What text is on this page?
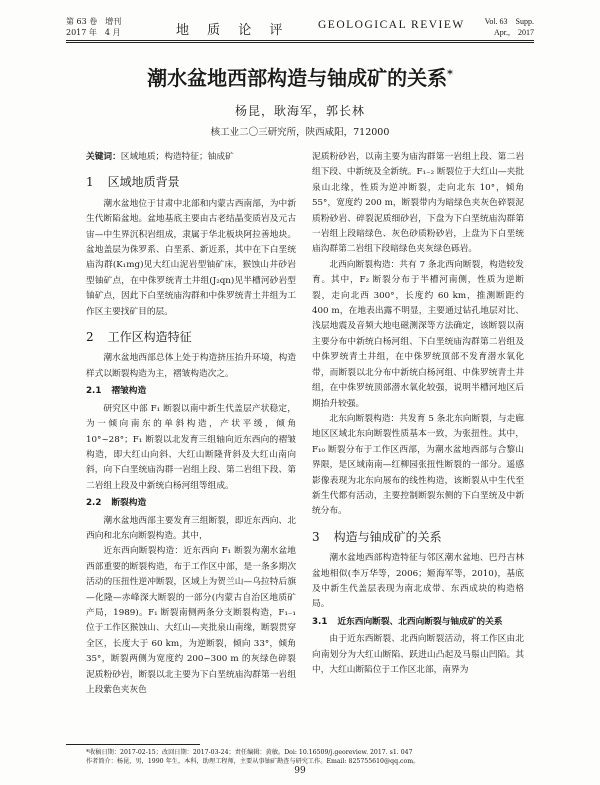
第 63 卷　增刊
2017 年　4 月	地 质 论 评 GEOLOGICAL REVIEW Vol. 63　Supp.
Apr.,　2017
潮水盆地西部构造与铀成矿的关系*
杨昆，耿海军，郭长林
核工业二〇三研究所，陕西咸阳，712000

关键词：区域地质；构造特征；铀成矿

1 区域地质背景

潮水盆地位于甘肃中北部和内蒙古西南部，为中新生代断陷盆地。盆地基底主要由古老结晶变质岩及元古宙—中生界沉积岩组成，隶属于华北板块阿拉善地块。盆地盖层为侏罗系、白垩系、新近系，其中在下白垩统庙沟群(K₁mg)见大红山泥岩型铀矿床，猴蚀山井砂岩型铀矿点，在中侏罗统青土井组(J₂qn)见半槽河砂岩型铀矿点，因此下白垩统庙沟群和中侏罗统青土井组为工作区主要找矿目的层。

2 工作区构造特征

潮水盆地西部总体上处于构造挤压抬升环境，构造样式以断裂构造为主，褶皱构造次之。

2.1 褶皱构造

研究区中部 F₁ 断裂以南中新生代盖层产状稳定，为一倾向南东的单斜构造，产状平缓，倾角 10°~28°；F₁ 断裂以北发育三组轴向近东西向的褶皱构造，即大红山向斜、大红山断隆背斜及大红山南向斜，向下白垩统庙沟群一岩组上段、第二岩组下段、第二岩组上段及中新统白杨河组等组成。

2.2 断裂构造

潮水盆地西部主要发育三组断裂，即近东西向、北西向和北东向断裂构造。其中，

近东西向断裂构造：近东西向 F₁ 断裂为潮水盆地西部重要的断裂构造，布于工作区中部，是一条多期次活动的压扭性逆冲断裂，区域上为贺兰山—乌拉特后旗—化隆—赤峰深大断裂的一部分(内蒙古自治区地质矿产局，1989)。F₁ 断裂南侧两条分支断裂构造，F₁₋₁ 位于工作区猴蚀山、大红山—夹批泉山南缘，断裂贯穿全区，长度大于 60 km，为逆断裂，倾向 33°，倾角 35°，断裂两侧为宽度约 200~300 m 的灰绿色碎裂泥质粉砂岩，断裂以北主要为下白垩统庙沟群第一岩组上段紫色夹灰色

泥质粉砂岩，以南主要为庙沟群第一岩组上段、第二岩组下段、中新统及全新统。F₁₋₂ 断裂位于大红山—夹批泉山北缘，性质为逆冲断裂，走向北东 10°，倾角 55°，宽度约 200 m，断裂带内为暗绿色夹灰色碎裂泥质粉砂岩、碎裂泥质细砂岩，下盘为下白垩统庙沟群第一岩组上段暗绿色、灰色砂质粉砂岩，上盘为下白垩统庙沟群第二岩组下段暗绿色夹灰绿色砾岩。

北西向断裂构造：共有 7 条北西向断裂，构造较发育。其中，F₂ 断裂分布于半槽河南侧，性质为逆断裂，走向北西 300°，长度约 60 km，推测断距约 400 m，在地表出露不明显，主要通过钻孔地层对比、浅层地震及音频大地电磁测深等方法确定，该断裂以南主要分布中新统白杨河组、下白垩统庙沟群第二岩组及中侏罗统青土井组，在中侏罗统顶部不发育潜水氧化带，而断裂以北分布中新统白杨河组、中侏罗统青土井组，在中侏罗统顶部潜水氧化较强，说明半槽河地区后期抬升较强。

北东向断裂构造：共发育 5 条北东向断裂，与走廊地区区域北东向断裂性质基本一致，为张扭性。其中，F₁₀ 断裂分布于工作区西部，为潮水盆地西部与合黎山界限，是区域南南—红柳园张扭性断裂的一部分。遥感影像表现为北东向展布的线性构造，该断裂从中生代至新生代都有活动，主要控制断裂东侧的下白垩统及中新统分布。

3 构造与铀成矿的关系

潮水盆地西部构造特征与邻区潮水盆地、巴丹吉林盆地相似(李万华等，2006；姬海军等，2010)，基底及中新生代盖层表现为南北成带、东西成块的构造格局。

3.1 近东西向断裂、北西向断裂与铀成矿的关系

由于近东西断裂、北西向断裂活动，将工作区由北向南划分为大红山断陷、跃进山凸起及马鬃山凹陷。其中，大红山断陷位于工作区北部，南界为

*收稿日期：2017-02-15；改回日期：2017-03-24；责任编辑：黄敏。Doi: 10.16509/j.georeview. 2017. s1. 047
作者简介：杨昆，男，1990 年生，本科，助理工程师，主要从事铀矿勘查与研究工作。Email: 825755610@qq.com。
99
